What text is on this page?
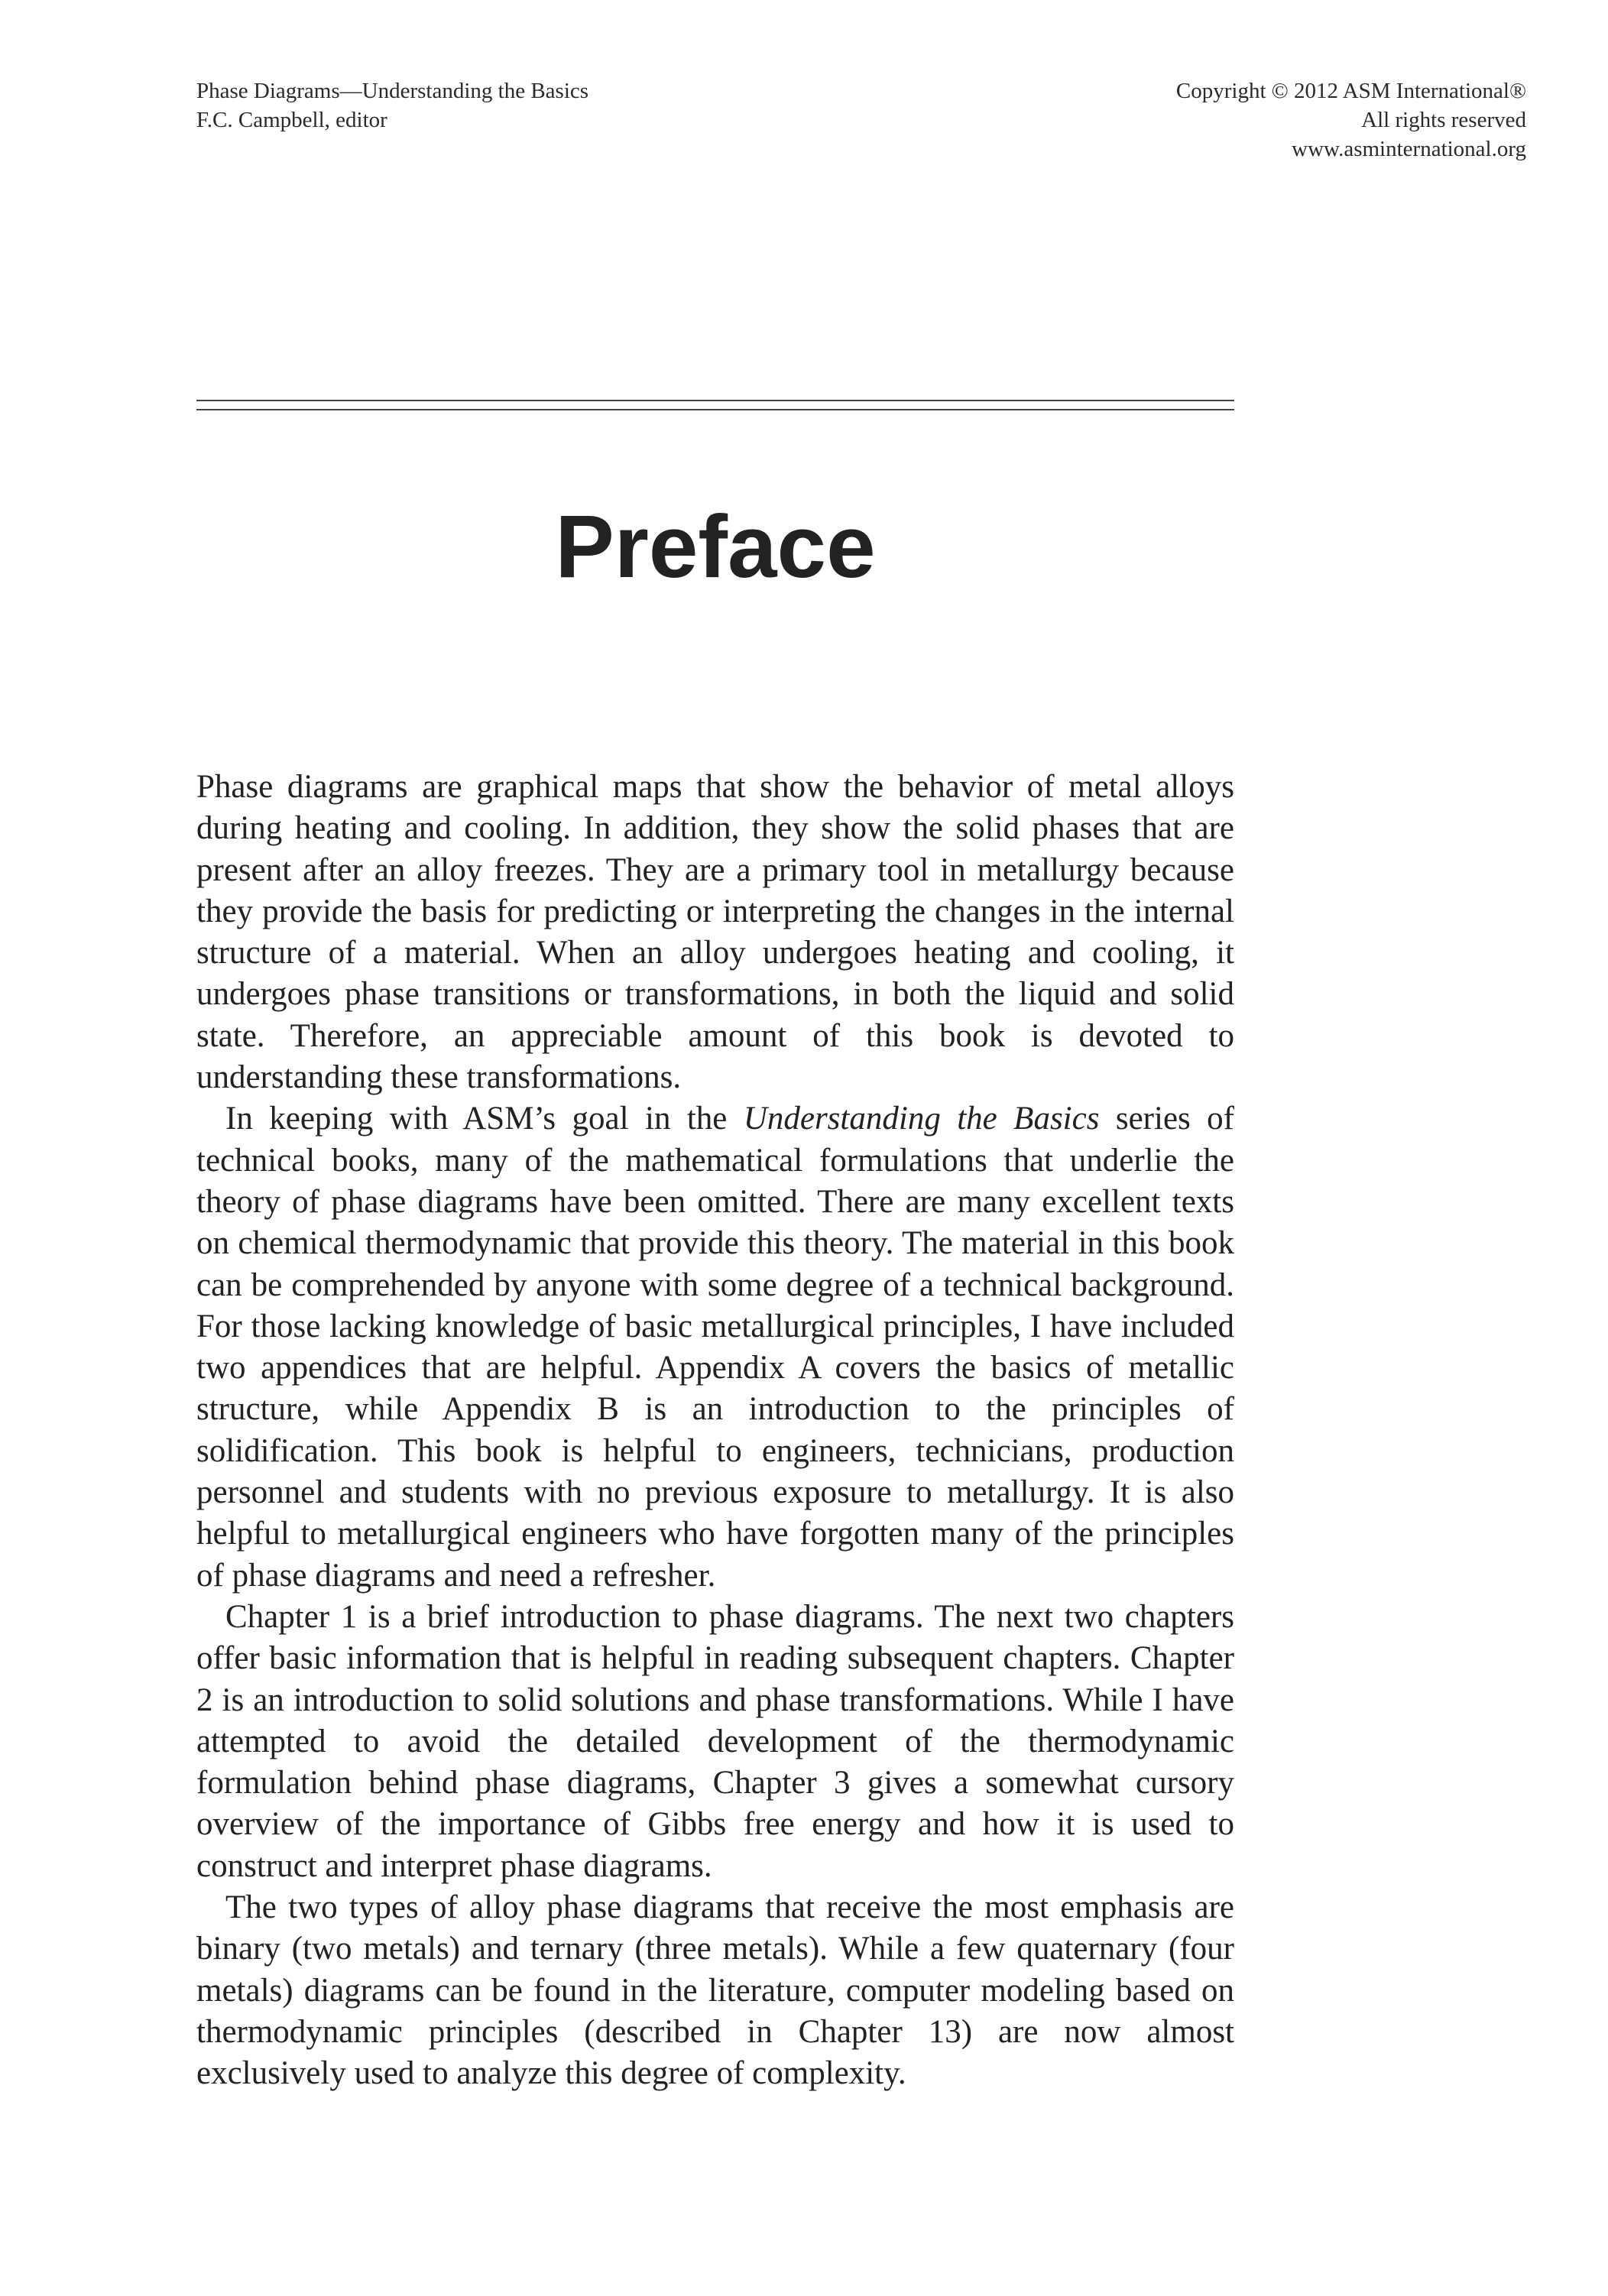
Phase Diagrams—Understanding the Basics
F.C. Campbell, editor
Copyright © 2012 ASM International®
All rights reserved
www.asminternational.org
Preface

Phase diagrams are graphical maps that show the behavior of metal alloys during heating and cooling. In addition, they show the solid phases that are present after an alloy freezes. They are a primary tool in metallurgy because they provide the basis for predicting or interpreting the changes in the internal structure of a material. When an alloy undergoes heating and cooling, it undergoes phase transitions or transformations, in both the liquid and solid state. Therefore, an appreciable amount of this book is devoted to understanding these transformations.

In keeping with ASM’s goal in the Understanding the Basics series of technical books, many of the mathematical formulations that underlie the theory of phase diagrams have been omitted. There are many excellent texts on chemical thermodynamic that provide this theory. The material in this book can be comprehended by anyone with some degree of a technical background. For those lacking knowledge of basic metallurgical principles, I have included two appendices that are helpful. Appendix A covers the basics of metallic structure, while Appendix B is an introduction to the principles of solidification. This book is helpful to engineers, technicians, production personnel and students with no previous exposure to metallurgy. It is also helpful to metallurgical engineers who have forgotten many of the principles of phase diagrams and need a refresher.

Chapter 1 is a brief introduction to phase diagrams. The next two chapters offer basic information that is helpful in reading subsequent chapters. Chapter 2 is an introduction to solid solutions and phase transformations. While I have attempted to avoid the detailed development of the thermodynamic formulation behind phase diagrams, Chapter 3 gives a somewhat cursory overview of the importance of Gibbs free energy and how it is used to construct and interpret phase diagrams.

The two types of alloy phase diagrams that receive the most emphasis are binary (two metals) and ternary (three metals). While a few quaternary (four metals) diagrams can be found in the literature, computer modeling based on thermodynamic principles (described in Chapter 13) are now almost exclusively used to analyze this degree of complexity.
